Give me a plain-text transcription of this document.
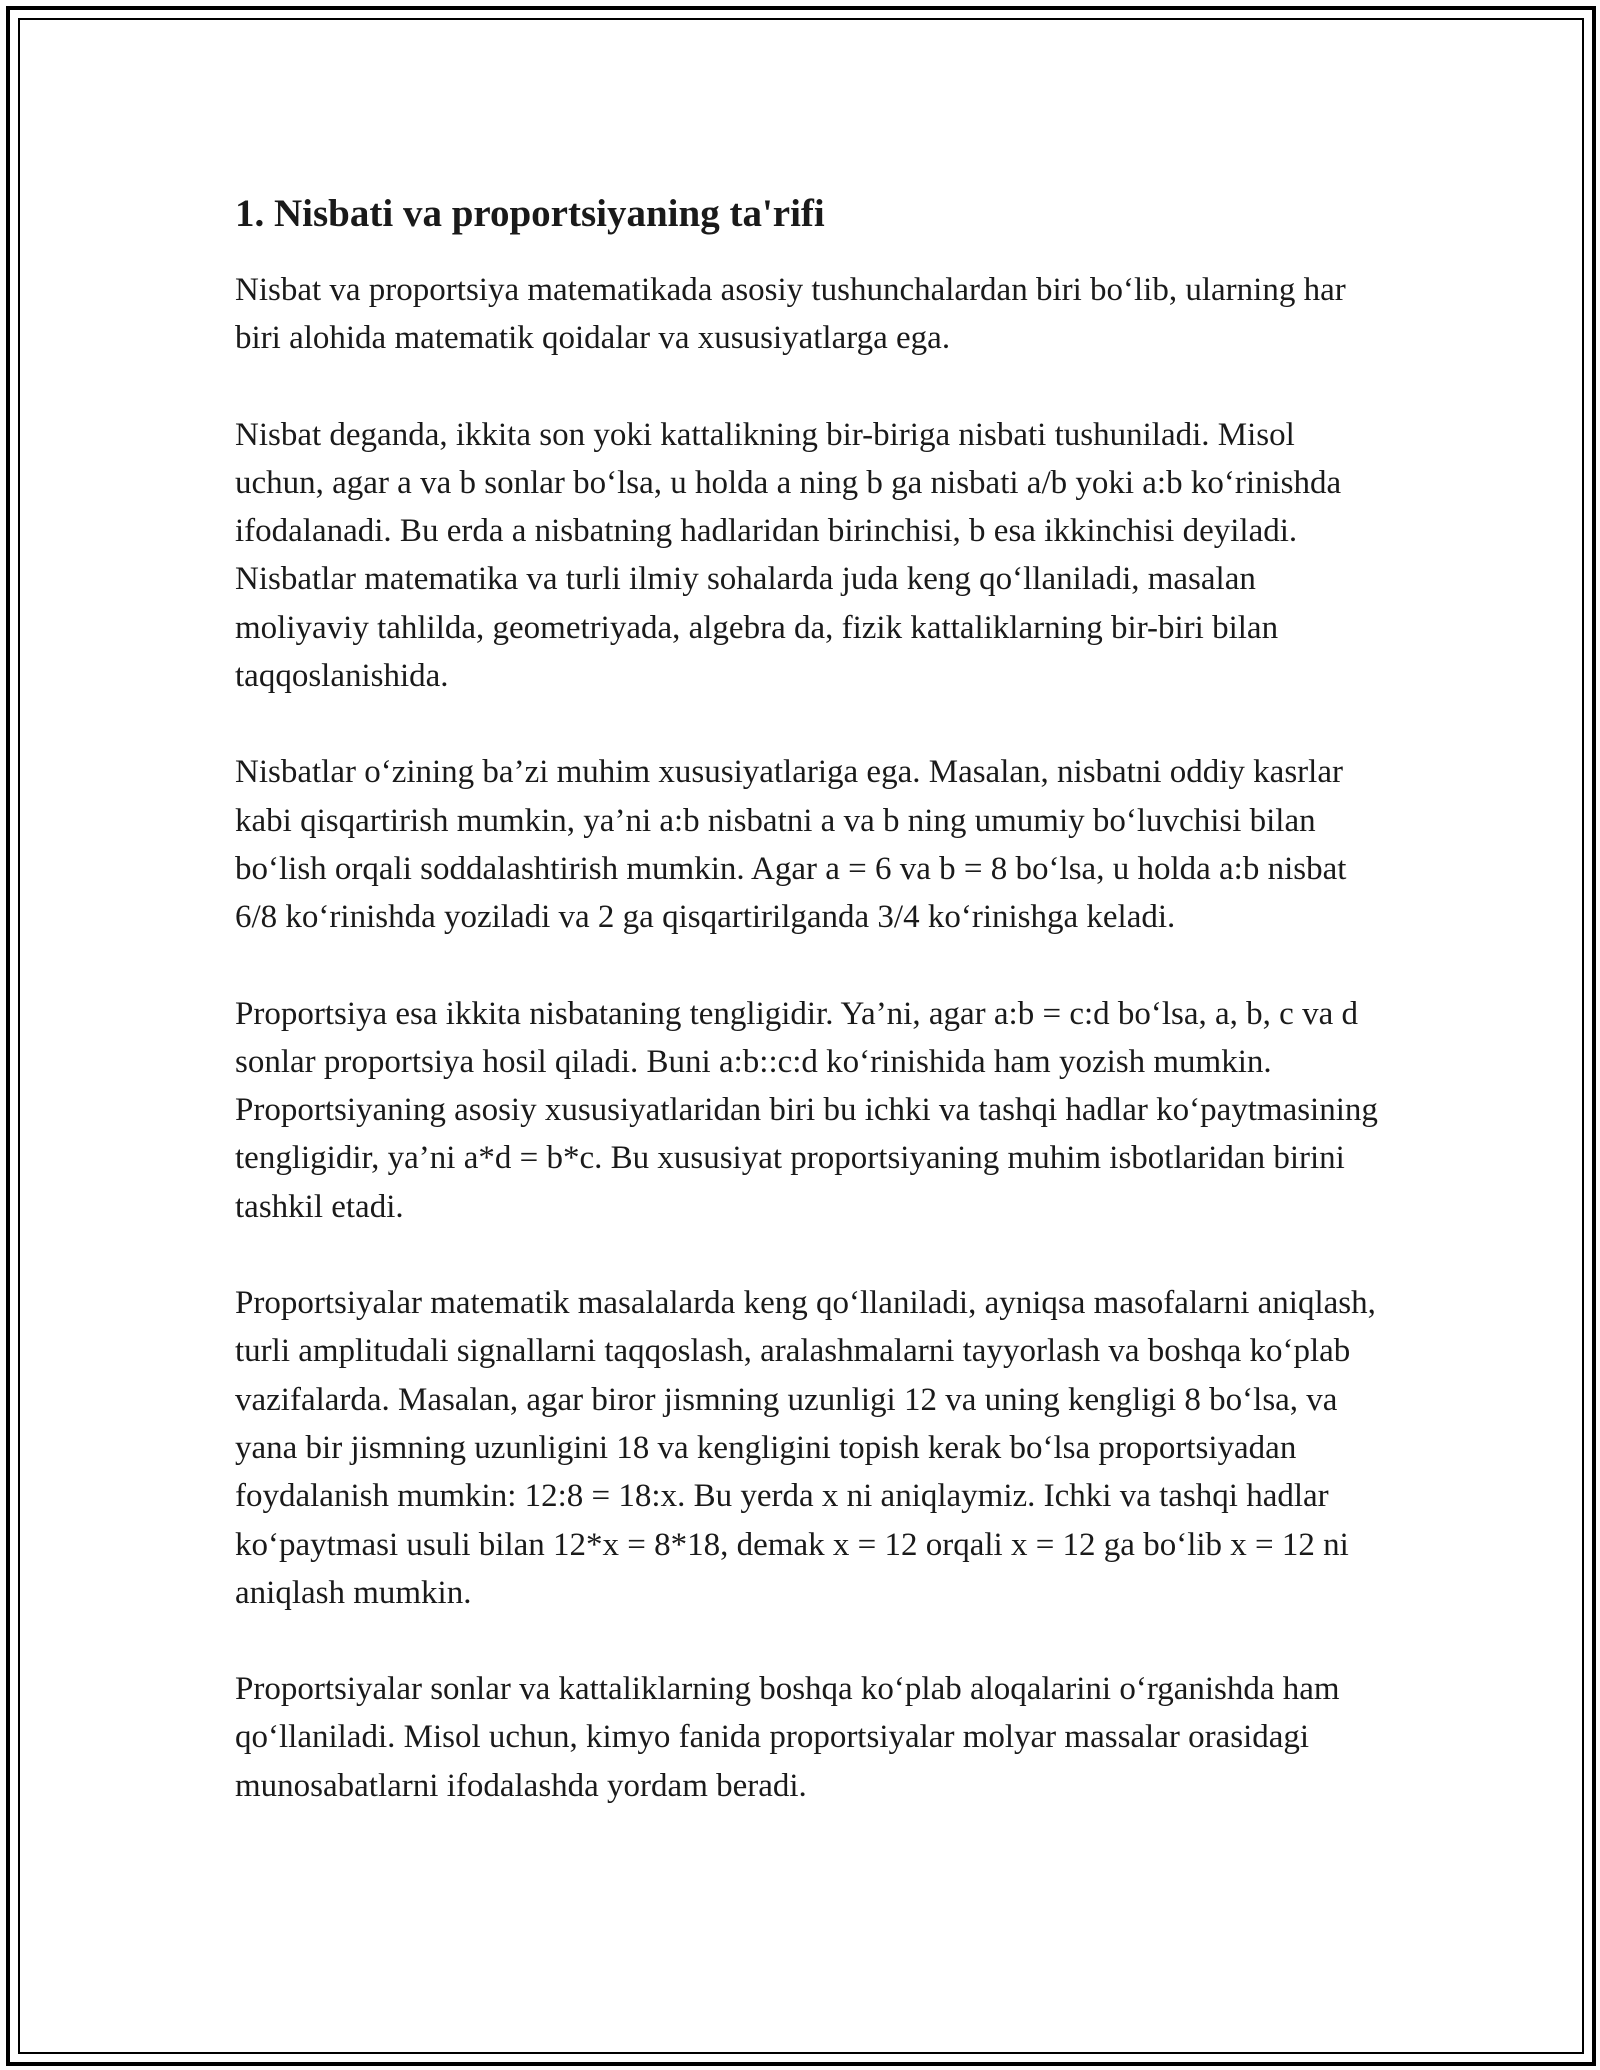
1. Nisbati va proportsiyaning ta'rifi

Nisbat va proportsiya matematikada asosiy tushunchalardan biri bo‘lib, ularning har biri alohida matematik qoidalar va xususiyatlarga ega.

Nisbat deganda, ikkita son yoki kattalikning bir-biriga nisbati tushuniladi. Misol uchun, agar a va b sonlar bo‘lsa, u holda a ning b ga nisbati a/b yoki a:b ko‘rinishda ifodalanadi. Bu erda a nisbatning hadlaridan birinchisi, b esa ikkinchisi deyiladi. Nisbatlar matematika va turli ilmiy sohalarda juda keng qo‘llaniladi, masalan moliyaviy tahlilda, geometriyada, algebra da, fizik kattaliklarning bir-biri bilan taqqoslanishida.

Nisbatlar o‘zining ba’zi muhim xususiyatlariga ega. Masalan, nisbatni oddiy kasrlar kabi qisqartirish mumkin, ya’ni a:b nisbatni a va b ning umumiy bo‘luvchisi bilan bo‘lish orqali soddalashtirish mumkin. Agar a = 6 va b = 8 bo‘lsa, u holda a:b nisbat 6/8 ko‘rinishda yoziladi va 2 ga qisqartirilganda 3/4 ko‘rinishga keladi.

Proportsiya esa ikkita nisbataning tengligidir. Ya’ni, agar a:b = c:d bo‘lsa, a, b, c va d sonlar proportsiya hosil qiladi. Buni a:b::c:d ko‘rinishida ham yozish mumkin. Proportsiyaning asosiy xususiyatlaridan biri bu ichki va tashqi hadlar ko‘paytmasining tengligidir, ya’ni a*d = b*c. Bu xususiyat proportsiyaning muhim isbotlaridan birini tashkil etadi.

Proportsiyalar matematik masalalarda keng qo‘llaniladi, ayniqsa masofalarni aniqlash, turli amplitudali signallarni taqqoslash, aralashmalarni tayyorlash va boshqa ko‘plab vazifalarda. Masalan, agar biror jismning uzunligi 12 va uning kengligi 8 bo‘lsa, va yana bir jismning uzunligini 18 va kengligini topish kerak bo‘lsa proportsiyadan foydalanish mumkin: 12:8 = 18:x. Bu yerda x ni aniqlaymiz. Ichki va tashqi hadlar ko‘paytmasi usuli bilan 12*x = 8*18, demak x = 12 orqali x = 12 ga bo‘lib x = 12 ni aniqlash mumkin.

Proportsiyalar sonlar va kattaliklarning boshqa ko‘plab aloqalarini o‘rganishda ham qo‘llaniladi. Misol uchun, kimyo fanida proportsiyalar molyar massalar orasidagi munosabatlarni ifodalashda yordam beradi.
